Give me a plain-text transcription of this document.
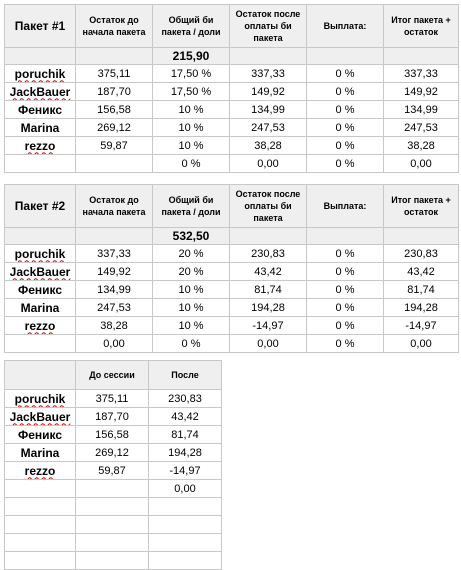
Пакет #1	Остаток до начала пакета	Общий би пакета / доли	Остаток после оплаты би пакета	Выплата:	Итог пакета + остаток
		215,90			
poruchik	375,11	17,50 %	337,33	0 %	337,33
JackBauer	187,70	17,50 %	149,92	0 %	149,92
Феникс	156,58	10 %	134,99	0 %	134,99
Marina	269,12	10 %	247,53	0 %	247,53
rezzo	59,87	10 %	38,28	0 %	38,28
		0 %	0,00	0 %	0,00
Пакет #2	Остаток до начала пакета	Общий би пакета / доли	Остаток после оплаты би пакета	Выплата:	Итог пакета + остаток
		532,50			
poruchik	337,33	20 %	230,83	0 %	230,83
JackBauer	149,92	20 %	43,42	0 %	43,42
Феникс	134,99	10 %	81,74	0 %	81,74
Marina	247,53	10 %	194,28	0 %	194,28
rezzo	38,28	10 %	-14,97	0 %	-14,97
	0,00	0 %	0,00	0 %	0,00
	До сессии	После
poruchik	375,11	230,83
JackBauer	187,70	43,42
Феникс	156,58	81,74
Marina	269,12	194,28
rezzo	59,87	-14,97
		0,00
